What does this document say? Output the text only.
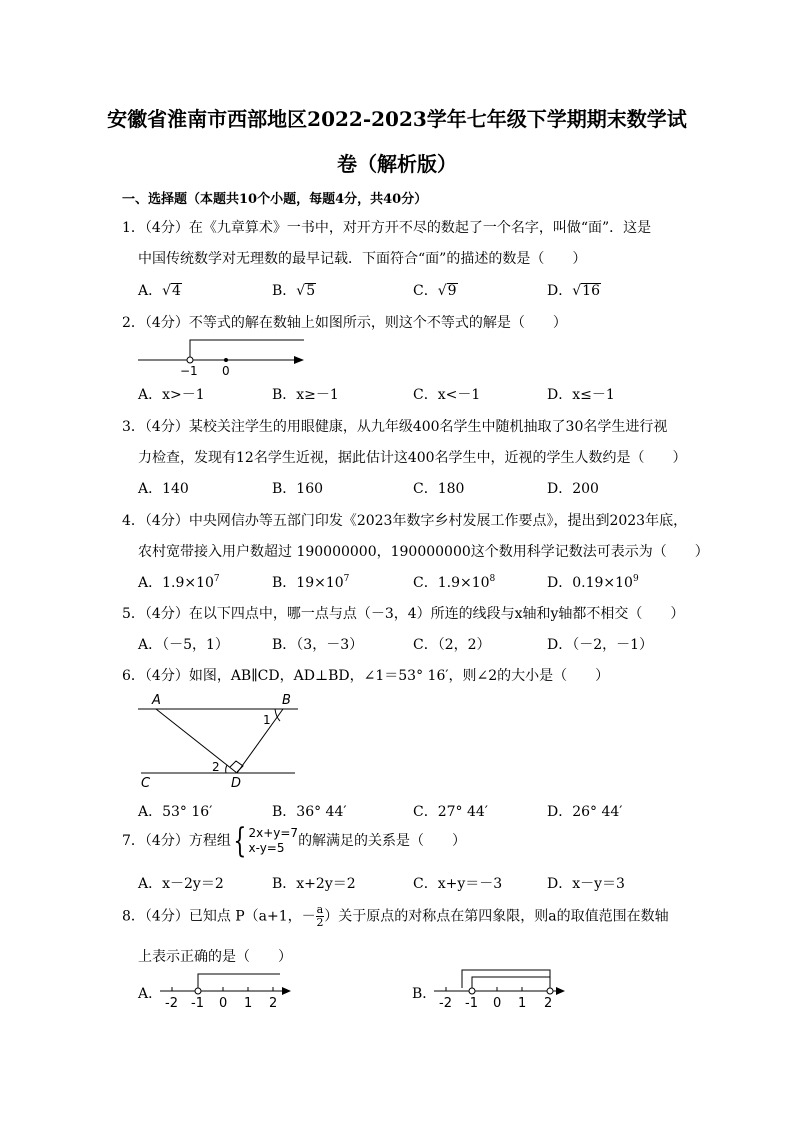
安徽省淮南市西部地区2022-2023学年七年级下学期期末数学试
卷（解析版）
一、选择题（本题共10个小题，每题4分，共40分）
1．（4分）在《九章算术》一书中，对开方开不尽的数起了一个名字，叫做“面”．这是
中国传统数学对无理数的最早记载．下面符合“面”的描述的数是（　　）
A．√4	B．√5	C．√9	D．√16
2．（4分）不等式的解在数轴上如图所示，则这个不等式的解是（　　）
−1 0
A．x>－1	B．x≥－1	C．x<－1	D．x≤－1
3．（4分）某校关注学生的用眼健康，从九年级400名学生中随机抽取了30名学生进行视
力检查，发现有12名学生近视，据此估计这400名学生中，近视的学生人数约是（　　）
A．140	B．160	C．180	D．200
4．（4分）中央网信办等五部门印发《2023年数字乡村发展工作要点》，提出到2023年底，
农村宽带接入用户数超过 190000000，190000000这个数用科学记数法可表示为（　　）
A．$1.9\times 10^7$	B．$19\times 10^7$	C．$1.9\times 10^8$	D．$0.19\times 10^9$
5．（4分）在以下四点中，哪一点与点（－3，4）所连的线段与x轴和y轴都不相交（　　）
A．（－5，1）	B．（3，－3）	C．（2，2）	D．（－2，－1）
6．（4分）如图，AB∥CD，AD⊥BD，∠1＝53° 16′，则∠2的大小是（　　）
A	B
C	D
1
2
A．53° 16′	B．36° 44′	C．27° 44′	D．26° 44′
7．（4分）方程组{ 2x+y=7
x-y=5 的解满足的关系是（　　）
A．x－2y＝2	B．x+2y＝2	C．x+y＝－3	D．x－y＝3
8．（4分）已知点 P（a+1，－ $\frac{a}{2}$ ）关于原点的对称点在第四象限，则a的取值范围在数轴
上表示正确的是（　　）
A．
-2 -1 0 1 2
B．
-2 -1 0 1 2
